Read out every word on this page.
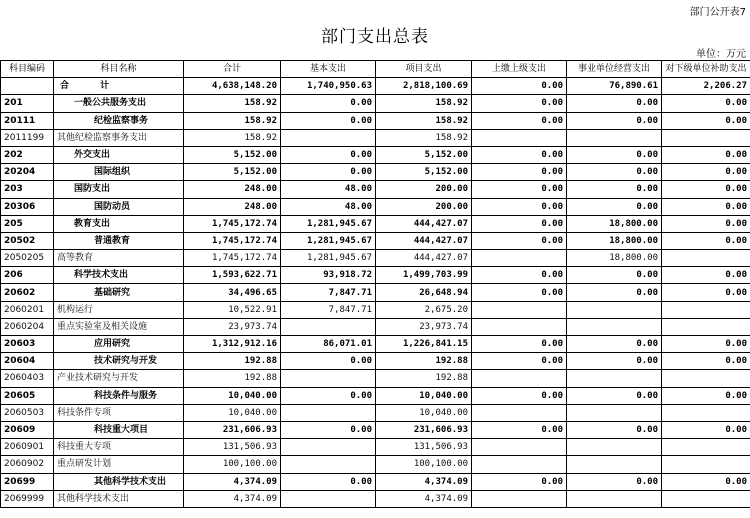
部门公开表7
部门支出总表
单位：万元
科目编码	科目名称	合计	基本支出	项目支出	上缴上级支出	事业单位经营支出	对下级单位补助支出
	合 计	4,638,148.20	1,740,950.63	2,818,100.69	0.00	76,890.61	2,206.27
201	一般公共服务支出	158.92	0.00	158.92	0.00	0.00	0.00
20111	纪检监察事务	158.92	0.00	158.92	0.00	0.00	0.00
2011199	其他纪检监察事务支出	158.92		158.92			
202	外交支出	5,152.00	0.00	5,152.00	0.00	0.00	0.00
20204	国际组织	5,152.00	0.00	5,152.00	0.00	0.00	0.00
203	国防支出	248.00	48.00	200.00	0.00	0.00	0.00
20306	国防动员	248.00	48.00	200.00	0.00	0.00	0.00
205	教育支出	1,745,172.74	1,281,945.67	444,427.07	0.00	18,800.00	0.00
20502	普通教育	1,745,172.74	1,281,945.67	444,427.07	0.00	18,800.00	0.00
2050205	高等教育	1,745,172.74	1,281,945.67	444,427.07		18,800.00	
206	科学技术支出	1,593,622.71	93,918.72	1,499,703.99	0.00	0.00	0.00
20602	基础研究	34,496.65	7,847.71	26,648.94	0.00	0.00	0.00
2060201	机构运行	10,522.91	7,847.71	2,675.20			
2060204	重点实验室及相关设施	23,973.74		23,973.74			
20603	应用研究	1,312,912.16	86,071.01	1,226,841.15	0.00	0.00	0.00
20604	技术研究与开发	192.88	0.00	192.88	0.00	0.00	0.00
2060403	产业技术研究与开发	192.88		192.88			
20605	科技条件与服务	10,040.00	0.00	10,040.00	0.00	0.00	0.00
2060503	科技条件专项	10,040.00		10,040.00			
20609	科技重大项目	231,606.93	0.00	231,606.93	0.00	0.00	0.00
2060901	科技重大专项	131,506.93		131,506.93			
2060902	重点研发计划	100,100.00		100,100.00			
20699	其他科学技术支出	4,374.09	0.00	4,374.09	0.00	0.00	0.00
2069999	其他科学技术支出	4,374.09		4,374.09			
